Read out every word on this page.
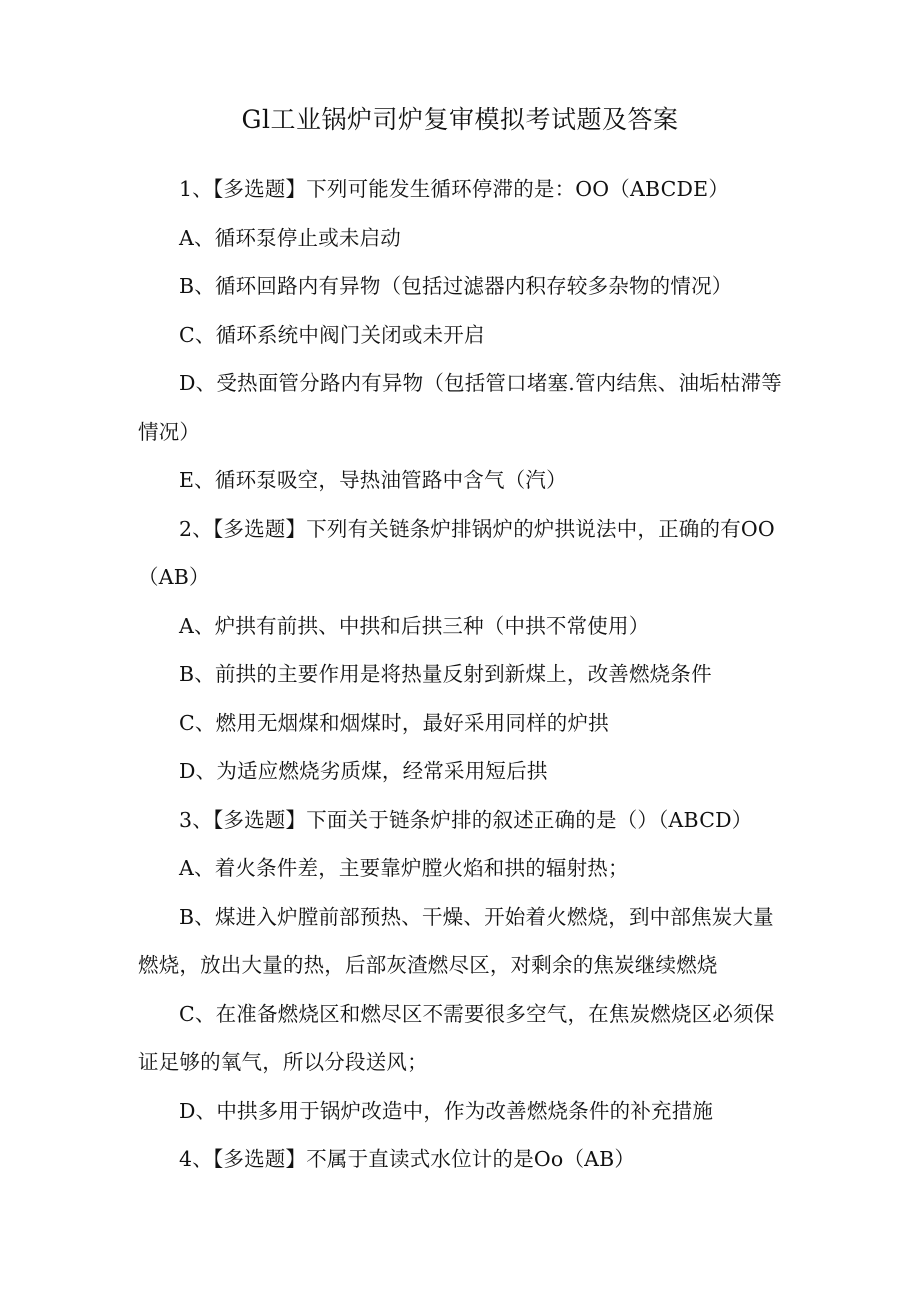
Gl工业锅炉司炉复审模拟考试题及答案

1、【多选题】下列可能发生循环停滞的是：OO（ABCDE）

A、循环泵停止或未启动

B、循环回路内有异物（包括过滤器内积存较多杂物的情况）

C、循环系统中阀门关闭或未开启

D、受热面管分路内有异物（包括管口堵塞.管内结焦、油垢枯滞等情况）

E、循环泵吸空，导热油管路中含气（汽）

2、【多选题】下列有关链条炉排锅炉的炉拱说法中，正确的有OO（AB）

A、炉拱有前拱、中拱和后拱三种（中拱不常使用）

B、前拱的主要作用是将热量反射到新煤上，改善燃烧条件

C、燃用无烟煤和烟煤时，最好采用同样的炉拱

D、为适应燃烧劣质煤，经常采用短后拱

3、【多选题】下面关于链条炉排的叙述正确的是（）（ABCD）

A、着火条件差，主要靠炉膛火焰和拱的辐射热；

B、煤进入炉膛前部预热、干燥、开始着火燃烧，到中部焦炭大量燃烧，放出大量的热，后部灰渣燃尽区，对剩余的焦炭继续燃烧

C、在准备燃烧区和燃尽区不需要很多空气，在焦炭燃烧区必须保证足够的氧气，所以分段送风；

D、中拱多用于锅炉改造中，作为改善燃烧条件的补充措施

4、【多选题】不属于直读式水位计的是Oo（AB）
